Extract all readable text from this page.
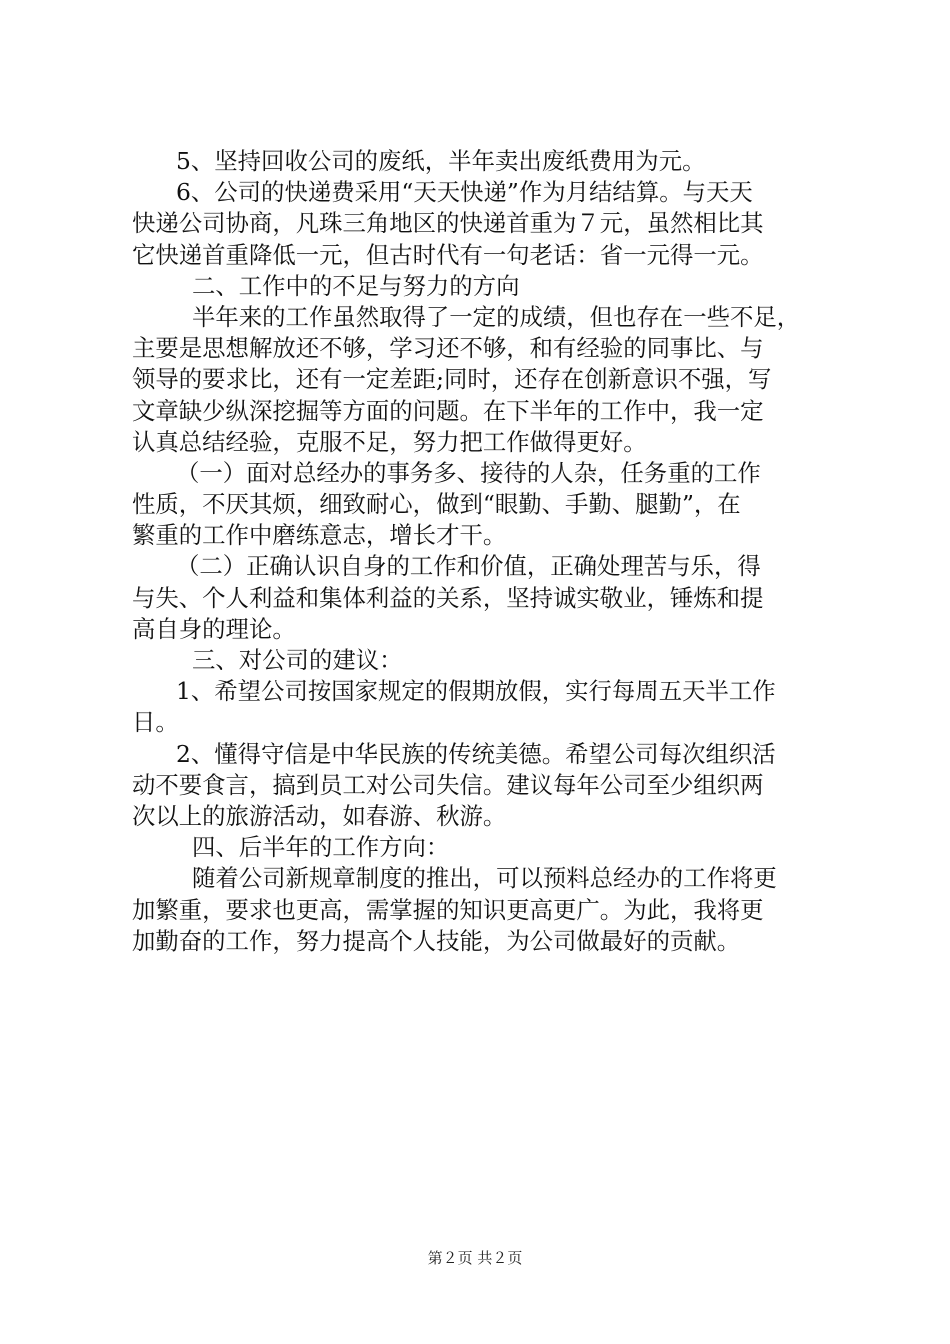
5、坚持回收公司的废纸，半年卖出废纸费用为元。
6、公司的快递费采用“天天快递”作为月结结算。与天天
快递公司协商，凡珠三角地区的快递首重为７元，虽然相比其
它快递首重降低一元，但古时代有一句老话：省一元得一元。
二、工作中的不足与努力的方向
半年来的工作虽然取得了一定的成绩，但也存在一些不足，
主要是思想解放还不够，学习还不够，和有经验的同事比、与
领导的要求比，还有一定差距;同时，还存在创新意识不强，写
文章缺少纵深挖掘等方面的问题。在下半年的工作中，我一定
认真总结经验，克服不足，努力把工作做得更好。
（一）面对总经办的事务多、接待的人杂，任务重的工作
性质，不厌其烦，细致耐心，做到“眼勤、手勤、腿勤”，在
繁重的工作中磨练意志，增长才干。
（二）正确认识自身的工作和价值，正确处理苦与乐，得
与失、个人利益和集体利益的关系，坚持诚实敬业，锤炼和提
高自身的理论。
三、对公司的建议：
1、希望公司按国家规定的假期放假，实行每周五天半工作
日。
2、懂得守信是中华民族的传统美德。希望公司每次组织活
动不要食言，搞到员工对公司失信。建议每年公司至少组织两
次以上的旅游活动，如春游、秋游。
四、后半年的工作方向：
随着公司新规章制度的推出，可以预料总经办的工作将更
加繁重，要求也更高，需掌握的知识更高更广。为此，我将更
加勤奋的工作，努力提高个人技能，为公司做最好的贡献。
第２页 共２页
